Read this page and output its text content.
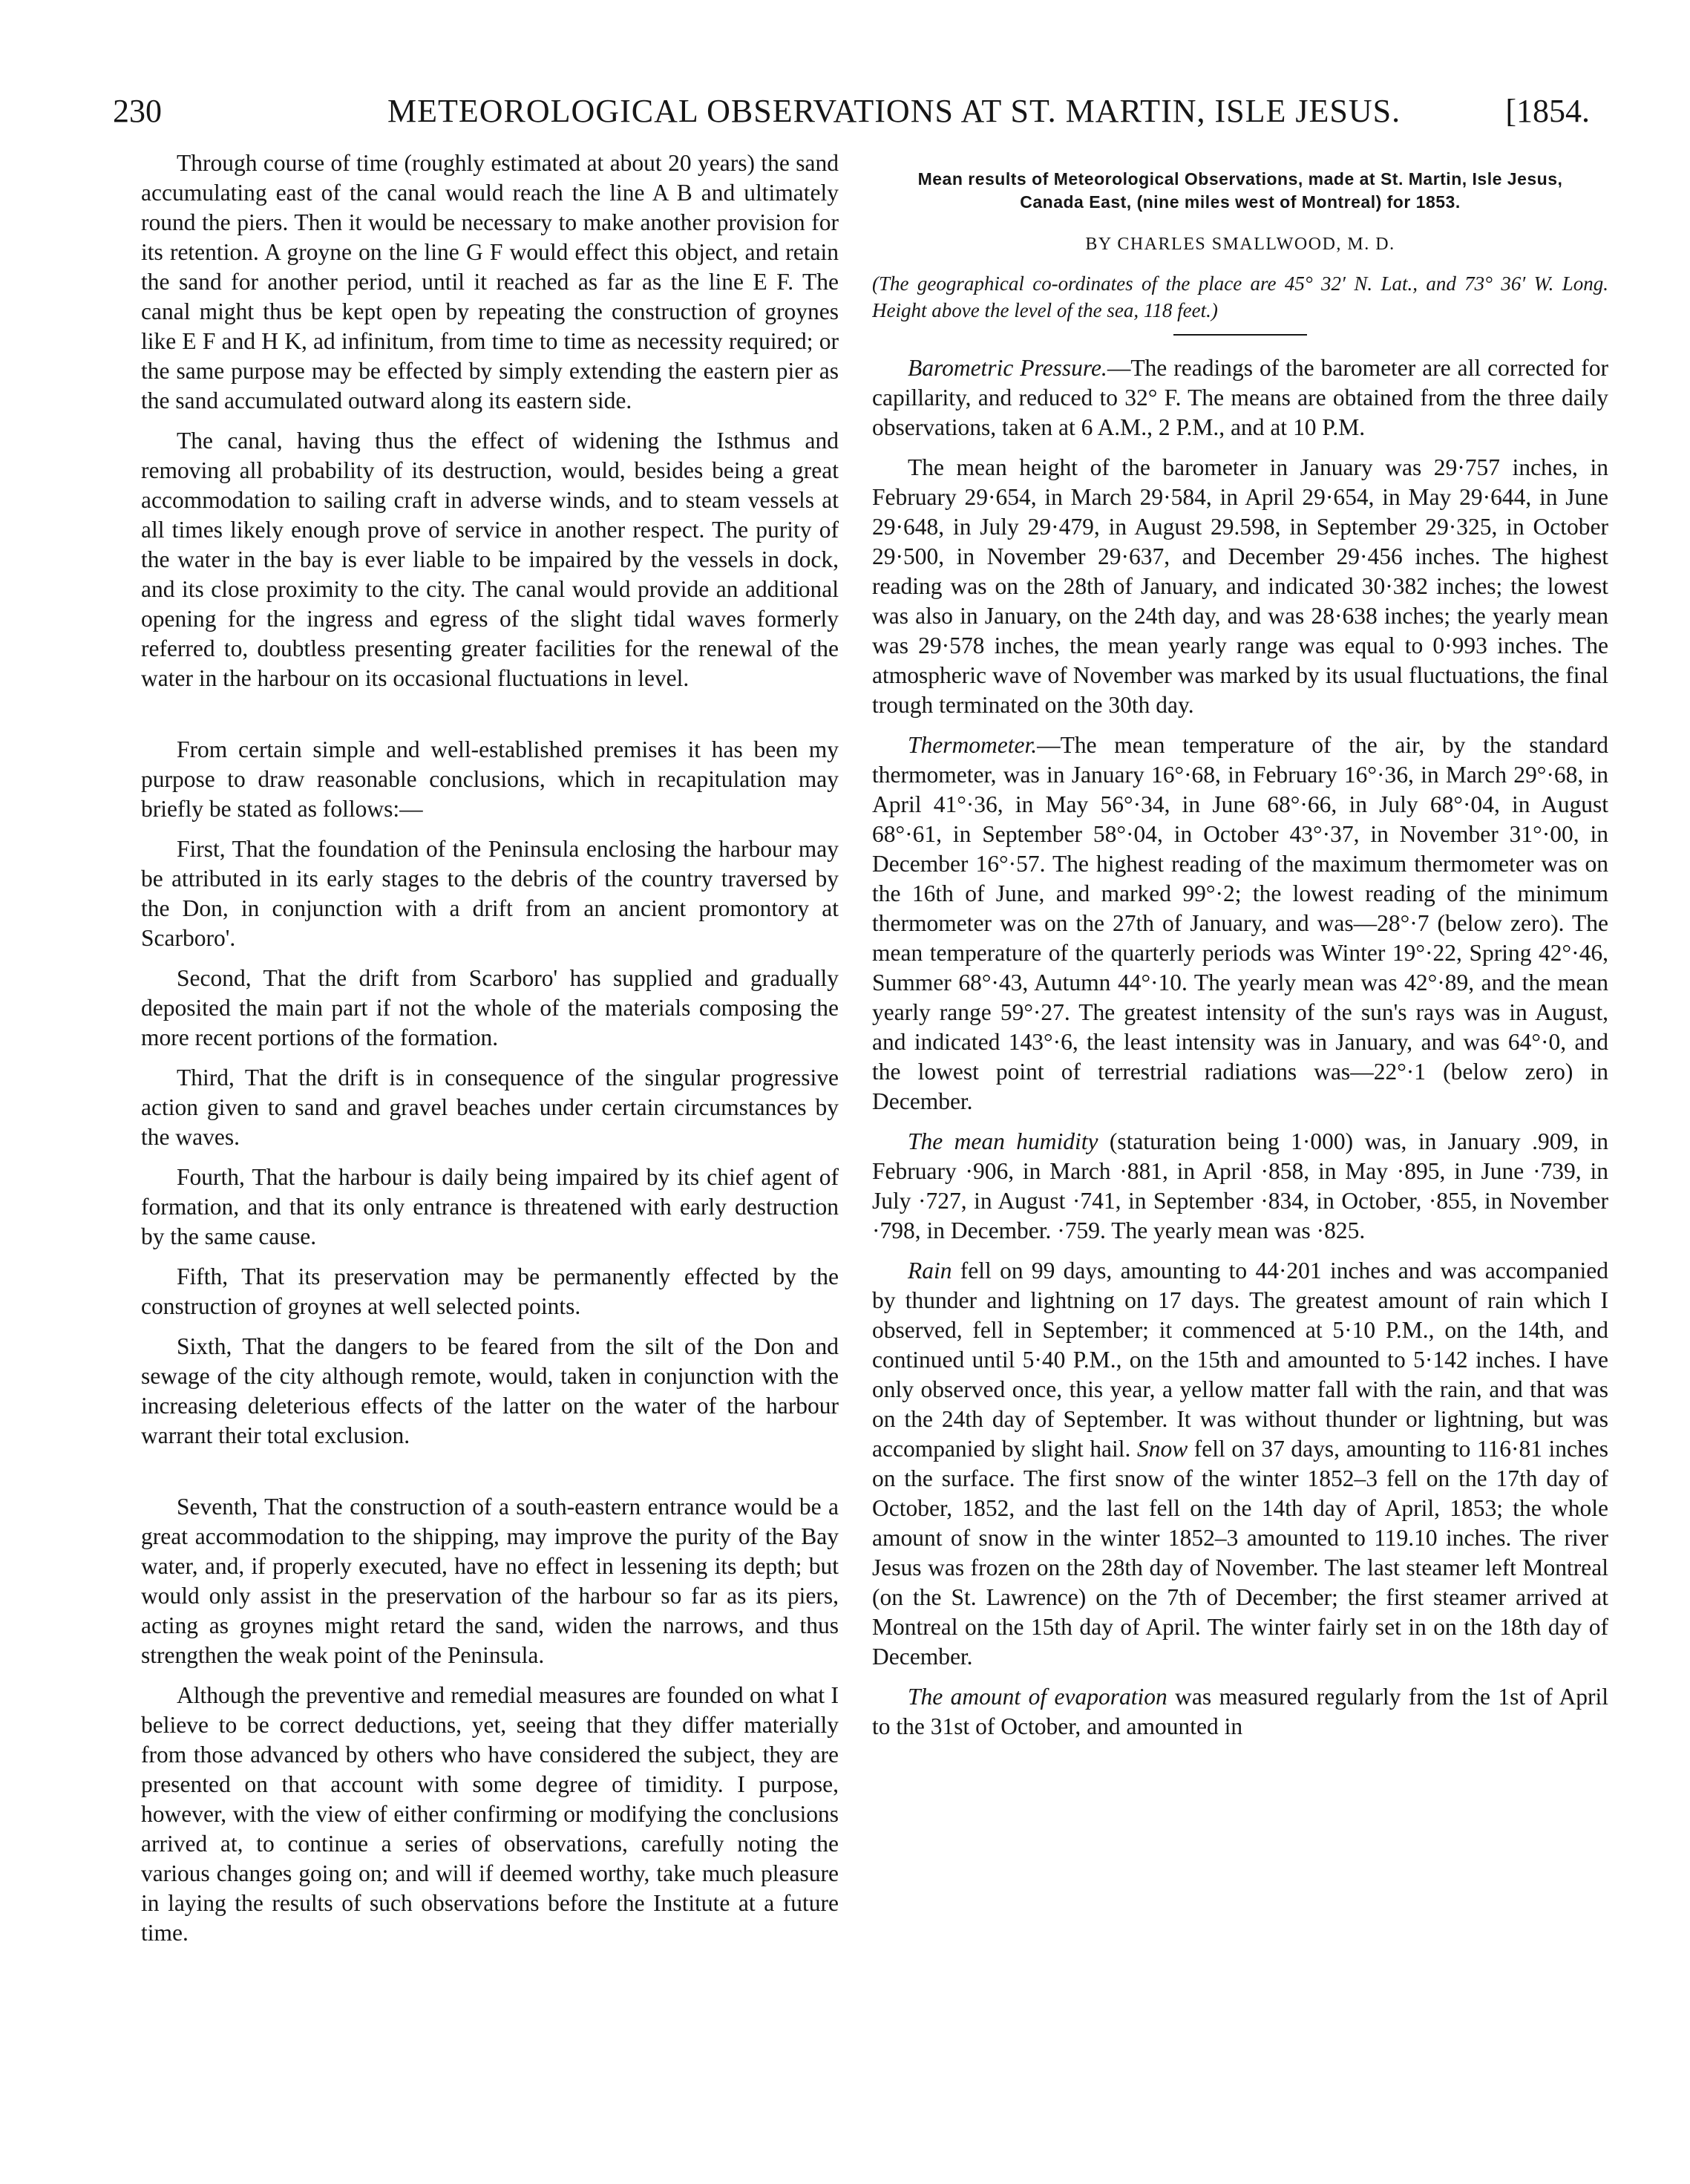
230	METEOROLOGICAL OBSERVATIONS AT ST. MARTIN, ISLE JESUS.	[1854.

Through course of time (roughly estimated at about 20 years) the sand accumulating east of the canal would reach the line A B and ultimately round the piers. Then it would be necessary to make another provision for its retention. A groyne on the line G F would effect this object, and retain the sand for another period, until it reached as far as the line E F. The canal might thus be kept open by repeating the construction of groynes like E F and H K, ad infinitum, from time to time as necessity required; or the same purpose may be effected by simply extending the eastern pier as the sand accumulated outward along its eastern side.

The canal, having thus the effect of widening the Isthmus and removing all probability of its destruction, would, besides being a great accommodation to sailing craft in adverse winds, and to steam vessels at all times likely enough prove of service in another respect. The purity of the water in the bay is ever liable to be impaired by the vessels in dock, and its close proximity to the city. The canal would provide an additional opening for the ingress and egress of the slight tidal waves formerly referred to, doubtless presenting greater facilities for the renewal of the water in the harbour on its occasional fluctuations in level.

From certain simple and well-established premises it has been my purpose to draw reasonable conclusions, which in recapitulation may briefly be stated as follows:—

First, That the foundation of the Peninsula enclosing the harbour may be attributed in its early stages to the debris of the country traversed by the Don, in conjunction with a drift from an ancient promontory at Scarboro'.

Second, That the drift from Scarboro' has supplied and gradually deposited the main part if not the whole of the materials composing the more recent portions of the formation.

Third, That the drift is in consequence of the singular progressive action given to sand and gravel beaches under certain circumstances by the waves.

Fourth, That the harbour is daily being impaired by its chief agent of formation, and that its only entrance is threatened with early destruction by the same cause.

Fifth, That its preservation may be permanently effected by the construction of groynes at well selected points.

Sixth, That the dangers to be feared from the silt of the Don and sewage of the city although remote, would, taken in conjunction with the increasing deleterious effects of the latter on the water of the harbour warrant their total exclusion.

Seventh, That the construction of a south-eastern entrance would be a great accommodation to the shipping, may improve the purity of the Bay water, and, if properly executed, have no effect in lessening its depth; but would only assist in the preservation of the harbour so far as its piers, acting as groynes might retard the sand, widen the narrows, and thus strengthen the weak point of the Peninsula.

Although the preventive and remedial measures are founded on what I believe to be correct deductions, yet, seeing that they differ materially from those advanced by others who have considered the subject, they are presented on that account with some degree of timidity. I purpose, however, with the view of either confirming or modifying the conclusions arrived at, to continue a series of observations, carefully noting the various changes going on; and will if deemed worthy, take much pleasure in laying the results of such observations before the Institute at a future time.

Mean results of Meteorological Observations, made at St. Martin, Isle Jesus, Canada East, (nine miles west of Montreal) for 1853.
BY CHARLES SMALLWOOD, M. D.

(The geographical co-ordinates of the place are 45° 32′ N. Lat., and 73° 36′ W. Long. Height above the level of the sea, 118 feet.)

Barometric Pressure.—The readings of the barometer are all corrected for capillarity, and reduced to 32° F. The means are obtained from the three daily observations, taken at 6 A.M., 2 P.M., and at 10 P.M.

The mean height of the barometer in January was 29·757 inches, in February 29·654, in March 29·584, in April 29·654, in May 29·644, in June 29·648, in July 29·479, in August 29.598, in September 29·325, in October 29·500, in November 29·637, and December 29·456 inches. The highest reading was on the 28th of January, and indicated 30·382 inches; the lowest was also in January, on the 24th day, and was 28·638 inches; the yearly mean was 29·578 inches, the mean yearly range was equal to 0·993 inches. The atmospheric wave of November was marked by its usual fluctuations, the final trough terminated on the 30th day.

Thermometer.—The mean temperature of the air, by the standard thermometer, was in January 16°·68, in February 16°·36, in March 29°·68, in April 41°·36, in May 56°·34, in June 68°·66, in July 68°·04, in August 68°·61, in September 58°·04, in October 43°·37, in November 31°·00, in December 16°·57. The highest reading of the maximum thermometer was on the 16th of June, and marked 99°·2; the lowest reading of the minimum thermometer was on the 27th of January, and was—28°·7 (below zero). The mean temperature of the quarterly periods was Winter 19°·22, Spring 42°·46, Summer 68°·43, Autumn 44°·10. The yearly mean was 42°·89, and the mean yearly range 59°·27. The greatest intensity of the sun's rays was in August, and indicated 143°·6, the least intensity was in January, and was 64°·0, and the lowest point of terrestrial radiations was—22°·1 (below zero) in December.

The mean humidity (staturation being 1·000) was, in January .909, in February ·906, in March ·881, in April ·858, in May ·895, in June ·739, in July ·727, in August ·741, in September ·834, in October, ·855, in November ·798, in December. ·759. The yearly mean was ·825.

Rain fell on 99 days, amounting to 44·201 inches and was accompanied by thunder and lightning on 17 days. The greatest amount of rain which I observed, fell in September; it commenced at 5·10 P.M., on the 14th, and continued until 5·40 P.M., on the 15th and amounted to 5·142 inches. I have only observed once, this year, a yellow matter fall with the rain, and that was on the 24th day of September. It was without thunder or lightning, but was accompanied by slight hail. Snow fell on 37 days, amounting to 116·81 inches on the surface. The first snow of the winter 1852–3 fell on the 17th day of October, 1852, and the last fell on the 14th day of April, 1853; the whole amount of snow in the winter 1852–3 amounted to 119.10 inches. The river Jesus was frozen on the 28th day of November. The last steamer left Montreal (on the St. Lawrence) on the 7th of December; the first steamer arrived at Montreal on the 15th day of April. The winter fairly set in on the 18th day of December.

The amount of evaporation was measured regularly from the 1st of April to the 31st of October, and amounted in
